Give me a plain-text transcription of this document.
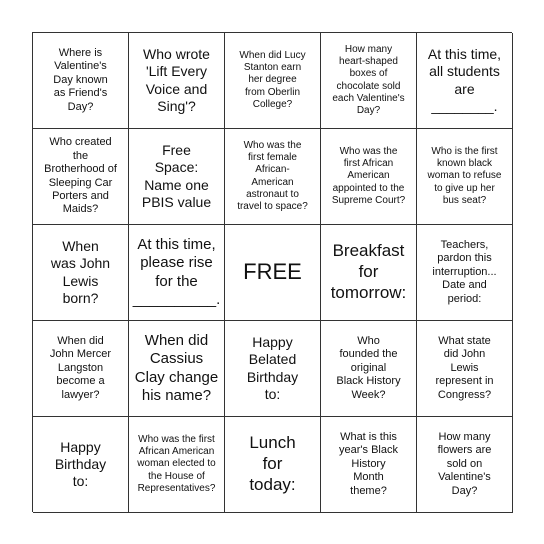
Where is
Valentine's
Day known
as Friend's
Day?
Who wrote
'Lift Every
Voice and
Sing'?
When did Lucy
Stanton earn
her degree
from Oberlin
College?
How many
heart-shaped
boxes of
chocolate sold
each Valentine's
Day?
At this time,
all students
are
________.
Who created
the
Brotherhood of
Sleeping Car
Porters and
Maids?
Free
Space:
Name one
PBIS value
Who was the
first female
African-
American
astronaut to
travel to space?
Who was the
first African
American
appointed to the
Supreme Court?
Who is the first
known black
woman to refuse
to give up her
bus seat?
When
was John
Lewis
born?
At this time,
please rise
for the
__________.
FREE
Breakfast
for
tomorrow:
Teachers,
pardon this
interruption...
Date and
period:
When did
John Mercer
Langston
become a
lawyer?
When did
Cassius
Clay change
his name?
Happy
Belated
Birthday
to:
Who
founded the
original
Black History
Week?
What state
did John
Lewis
represent in
Congress?
Happy
Birthday
to:
Who was the first
African American
woman elected to
the House of
Representatives?
Lunch
for
today:
What is this
year's Black
History
Month
theme?
How many
flowers are
sold on
Valentine's
Day?
